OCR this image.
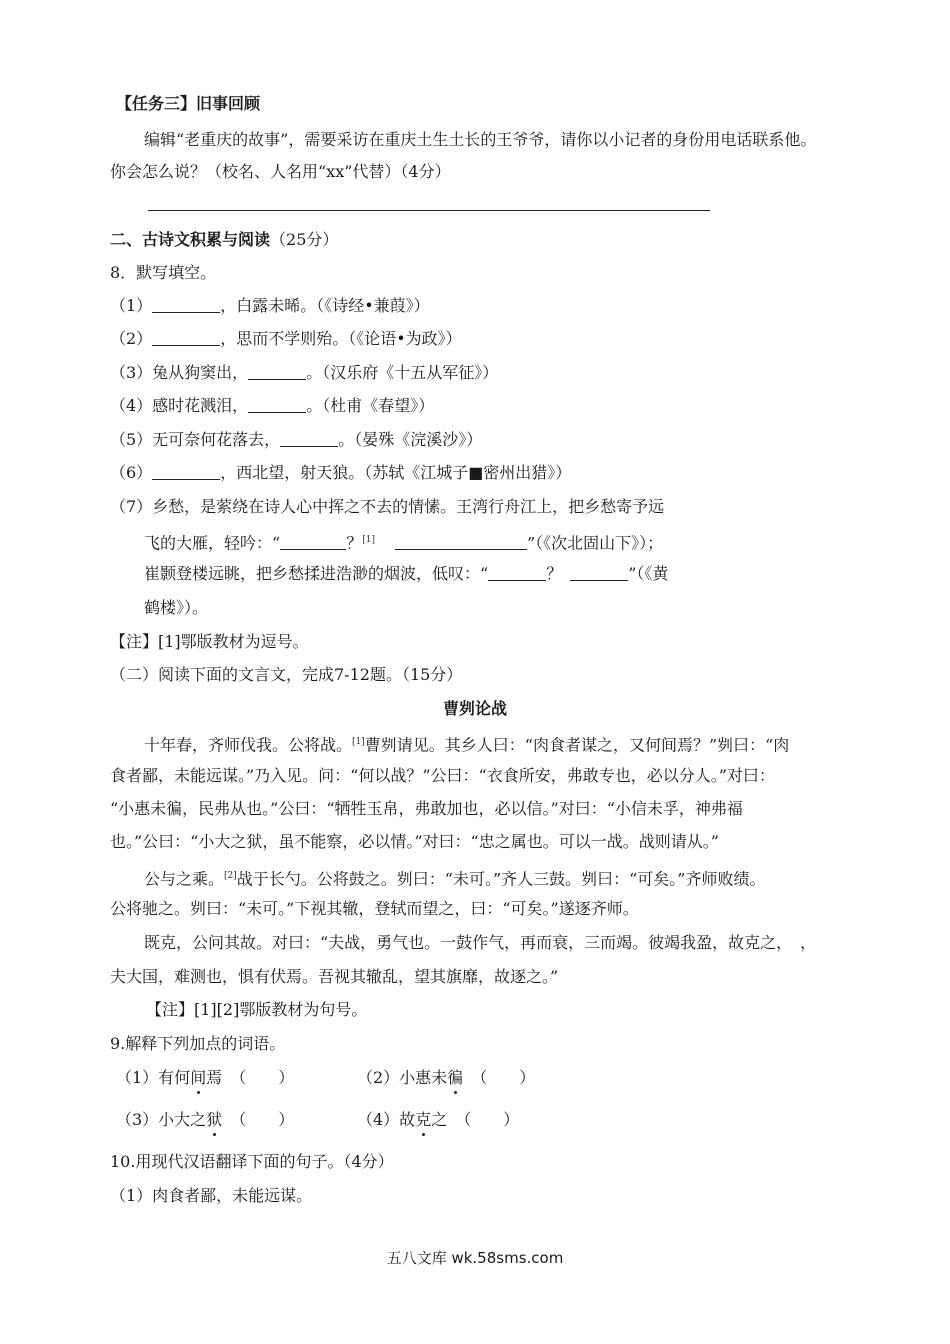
【任务三】旧事回顾
编辑“老重庆的故事”，需要采访在重庆土生土长的王爷爷，请你以小记者的身份用电话联系他。
你会怎么说？（校名、人名用“xx”代替）（4分）
二、古诗文积累与阅读（25分）
8．默写填空。
（1）	，白露未晞。（《诗经•兼葭》）
（2）	，思而不学则殆。（《论语•为政》）
（3）兔从狗窦出，	。（汉乐府《十五从军征》）
（4）感时花溅泪，	。（杜甫《春望》）
（5）无可奈何花落去，	。（晏殊《浣溪沙》）
（6）	，西北望，射天狼。（苏轼《江城子■密州出猎》）
（7）乡愁，是萦绕在诗人心中挥之不去的情愫。王湾行舟江上，把乡愁寄予远
飞的大雁，轻吟：“	？[1]	”（《次北固山下》）；
崔颢登楼远眺，把乡愁揉进浩渺的烟波，低叹：“	？	”（《黄
鹤楼》）。
【注】[1]鄂版教材为逗号。
（二）阅读下面的文言文，完成7-12题。（15分）
曹刿论战
十年春，齐师伐我。公将战。[1]曹刿请见。其乡人曰：“肉食者谋之，又何间焉？”刿曰：“肉
食者鄙，未能远谋。”乃入见。问：“何以战？”公曰：“衣食所安，弗敢专也，必以分人。”对曰：
“小惠未徧，民弗从也。”公曰：“牺牲玉帛，弗敢加也，必以信。”对曰：“小信未孚，神弗福
也。”公曰：“小大之狱，虽不能察，必以情。”对曰：“忠之属也。可以一战。战则请从。”
公与之乘。[2]战于长勺。公将鼓之。刿曰：“未可。”齐人三鼓。刿曰：“可矣。”齐师败绩。
公将驰之。刿曰：“未可。”下视其辙，登轼而望之，曰：“可矣。”遂逐齐师。
既克，公问其故。对曰：“夫战，勇气也。一鼓作气，再而衰，三而竭。彼竭我盈，故克之，　，
夫大国，难测也，惧有伏焉。吾视其辙乱，望其旗靡，故逐之。”
【注】[1][2]鄂版教材为句号。
9.解释下列加点的词语。
（1）有何间焉　（　　）	（2）小惠未徧　（　　）
（3）小大之狱　（　　）	（4）故克之　（　　）
10.用现代汉语翻译下面的句子。（4分）
（1）肉食者鄙，未能远谋。
五八文库 wk.58sms.com
